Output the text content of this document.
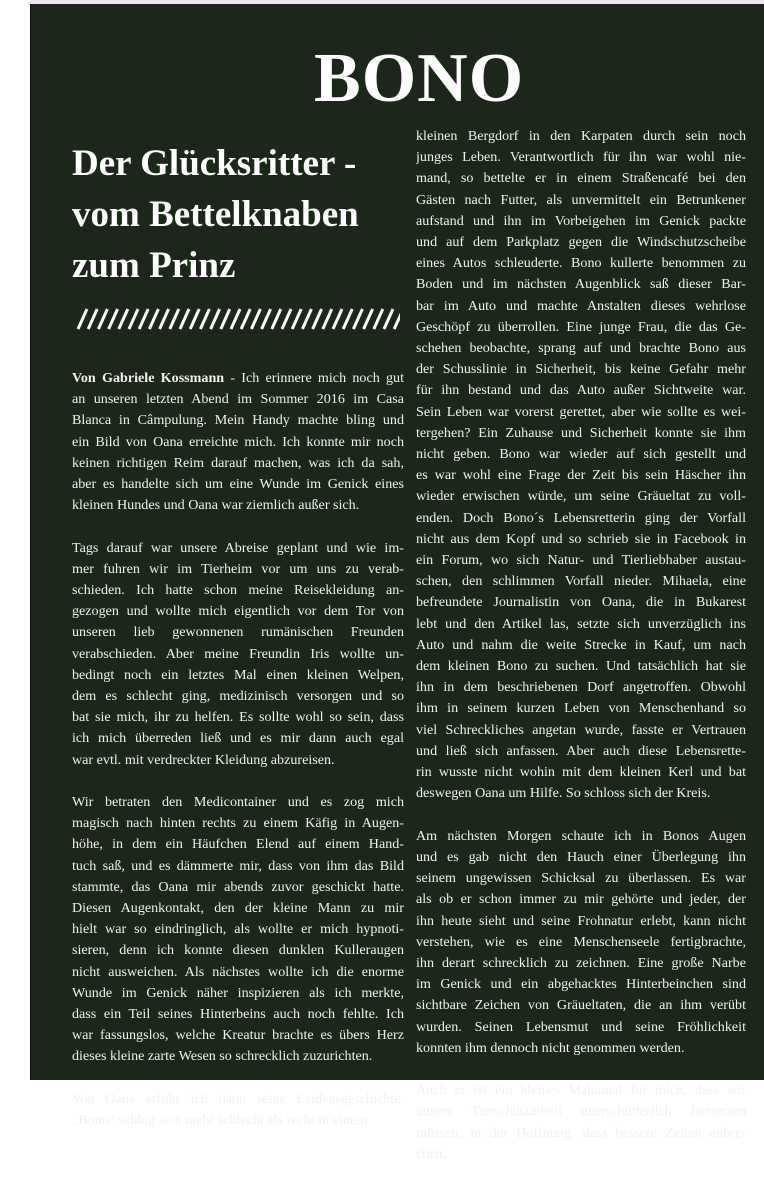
BONO
Der Glücksritter -
vom Bettelknaben
zum Prinz

Von Gabriele Kossmann - Ich erinnere mich noch gut
an unseren letzten Abend im Sommer 2016 im Casa
Blanca in Câmpulung. Mein Handy machte bling und
ein Bild von Oana erreichte mich. Ich konnte mir noch
keinen richtigen Reim darauf machen, was ich da sah,
aber es handelte sich um eine Wunde im Genick eines
kleinen Hundes und Oana war ziemlich außer sich.

Tags darauf war unsere Abreise geplant und wie im-
mer fuhren wir im Tierheim vor um uns zu verab-
schieden. Ich hatte schon meine Reisekleidung an-
gezogen und wollte mich eigentlich vor dem Tor von
unseren lieb gewonnenen rumänischen Freunden
verabschieden. Aber meine Freundin Iris wollte un-
bedingt noch ein letztes Mal einen kleinen Welpen,
dem es schlecht ging, medizinisch versorgen und so
bat sie mich, ihr zu helfen. Es sollte wohl so sein, dass
ich mich überreden ließ und es mir dann auch egal
war evtl. mit verdreckter Kleidung abzureisen.

Wir betraten den Medicontainer und es zog mich
magisch nach hinten rechts zu einem Käfig in Augen-
höhe, in dem ein Häufchen Elend auf einem Hand-
tuch saß, und es dämmerte mir, dass von ihm das Bild
stammte, das Oana mir abends zuvor geschickt hatte.
Diesen Augenkontakt, den der kleine Mann zu mir
hielt war so eindringlich, als wollte er mich hypnoti-
sieren, denn ich konnte diesen dunklen Kulleraugen
nicht ausweichen. Als nächstes wollte ich die enorme
Wunde im Genick näher inspizieren als ich merkte,
dass ein Teil seines Hinterbeins auch noch fehlte. Ich
war fassungslos, welche Kreatur brachte es übers Herz
dieses kleine zarte Wesen so schrecklich zuzurichten.

Von Oana erfuhr ich dann seine Leidensgeschichte.
„Bono“ schlug sich mehr schlecht als recht in einem

kleinen Bergdorf in den Karpaten durch sein noch
junges Leben. Verantwortlich für ihn war wohl nie-
mand, so bettelte er in einem Straßencafé bei den
Gästen nach Futter, als unvermittelt ein Betrunkener
aufstand und ihn im Vorbeigehen im Genick packte
und auf dem Parkplatz gegen die Windschutzscheibe
eines Autos schleuderte. Bono kullerte benommen zu
Boden und im nächsten Augenblick saß dieser Bar-
bar im Auto und machte Anstalten dieses wehrlose
Geschöpf zu überrollen. Eine junge Frau, die das Ge-
schehen beobachte, sprang auf und brachte Bono aus
der Schusslinie in Sicherheit, bis keine Gefahr mehr
für ihn bestand und das Auto außer Sichtweite war.
Sein Leben war vorerst gerettet, aber wie sollte es wei-
tergehen? Ein Zuhause und Sicherheit konnte sie ihm
nicht geben. Bono war wieder auf sich gestellt und
es war wohl eine Frage der Zeit bis sein Häscher ihn
wieder erwischen würde, um seine Gräueltat zu voll-
enden. Doch Bono´s Lebensretterin ging der Vorfall
nicht aus dem Kopf und so schrieb sie in Facebook in
ein Forum, wo sich Natur- und Tierliebhaber austau-
schen, den schlimmen Vorfall nieder. Mihaela, eine
befreundete Journalistin von Oana, die in Bukarest
lebt und den Artikel las, setzte sich unverzüglich ins
Auto und nahm die weite Strecke in Kauf, um nach
dem kleinen Bono zu suchen. Und tatsächlich hat sie
ihn in dem beschriebenen Dorf angetroffen. Obwohl
ihm in seinem kurzen Leben von Menschenhand so
viel Schreckliches angetan wurde, fasste er Vertrauen
und ließ sich anfassen. Aber auch diese Lebensrette-
rin wusste nicht wohin mit dem kleinen Kerl und bat
deswegen Oana um Hilfe. So schloss sich der Kreis.

Am nächsten Morgen schaute ich in Bonos Augen
und es gab nicht den Hauch einer Überlegung ihn
seinem ungewissen Schicksal zu überlassen. Es war
als ob er schon immer zu mir gehörte und jeder, der
ihn heute sieht und seine Frohnatur erlebt, kann nicht
verstehen, wie es eine Menschenseele fertigbrachte,
ihn derart schrecklich zu zeichnen. Eine große Narbe
im Genick und ein abgehacktes Hinterbeinchen sind
sichtbare Zeichen von Gräueltaten, die an ihm verübt
wurden. Seinen Lebensmut und seine Fröhlichkeit
konnten ihm dennoch nicht genommen werden.

Auch er ist ein kleines Mahnmal für mich, dass wir
unsere Tierschutzarbeit unerschütterlich fortsetzen
müssen, in der Hoffnung, dass bessere Zeiten anbre-
chen.
